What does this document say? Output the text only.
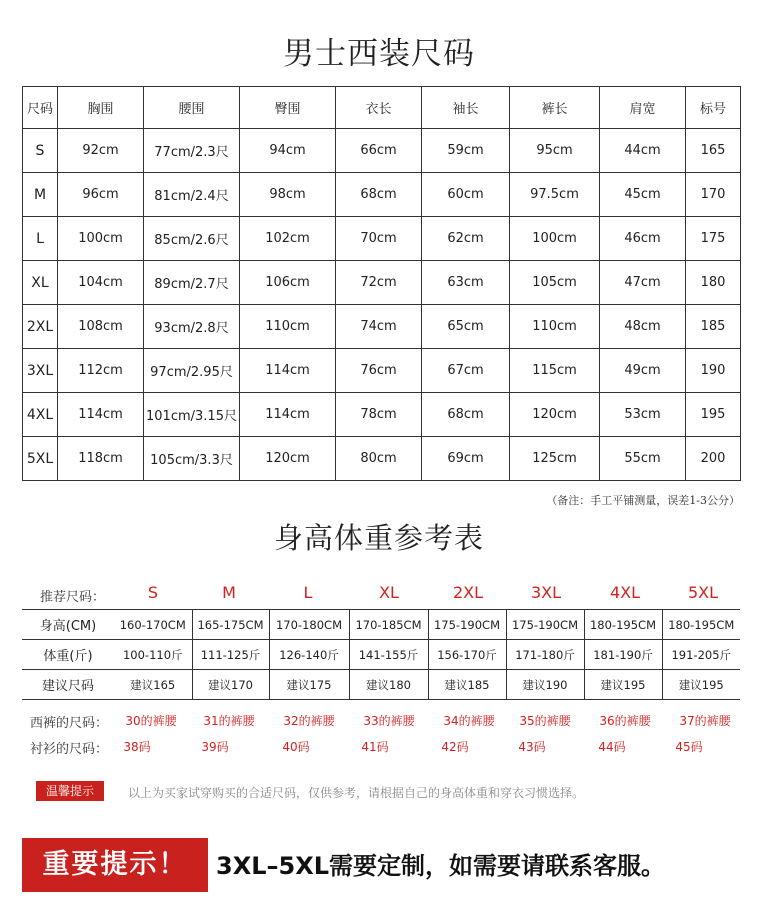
男士西装尺码
尺码	胸围	腰围	臀围	衣长	袖长	裤长	肩宽	标号
S	92cm	77cm/2.3尺	94cm	66cm	59cm	95cm	44cm	165
M	96cm	81cm/2.4尺	98cm	68cm	60cm	97.5cm	45cm	170
L	100cm	85cm/2.6尺	102cm	70cm	62cm	100cm	46cm	175
XL	104cm	89cm/2.7尺	106cm	72cm	63cm	105cm	47cm	180
2XL	108cm	93cm/2.8尺	110cm	74cm	65cm	110cm	48cm	185
3XL	112cm	97cm/2.95尺	114cm	76cm	67cm	115cm	49cm	190
4XL	114cm	101cm/3.15尺	114cm	78cm	68cm	120cm	53cm	195
5XL	118cm	105cm/3.3尺	120cm	80cm	69cm	125cm	55cm	200
（备注：手工平铺测量，误差1-3公分）
身高体重参考表
推荐尺码：	S	M	L	XL	2XL	3XL	4XL	5XL
身高(CM)	160-170CM	165-175CM	170-180CM	170-185CM	175-190CM	175-190CM	180-195CM	180-195CM
体重(斤)	100-110斤	111-125斤	126-140斤	141-155斤	156-170斤	171-180斤	181-190斤	191-205斤
建议尺码	建议165	建议170	建议175	建议180	建议185	建议190	建议195	建议195
西裤的尺码：	30的裤腰	31的裤腰	32的裤腰	33的裤腰	34的裤腰	35的裤腰	36的裤腰	37的裤腰
衬衫的尺码：	38码	39码	40码	41码	42码	43码	44码	45码
温馨提示	以上为买家试穿购买的合适尺码，仅供参考，请根据自己的身高体重和穿衣习惯选择。
重要提示！	3XL–5XL需要定制，如需要请联系客服。
